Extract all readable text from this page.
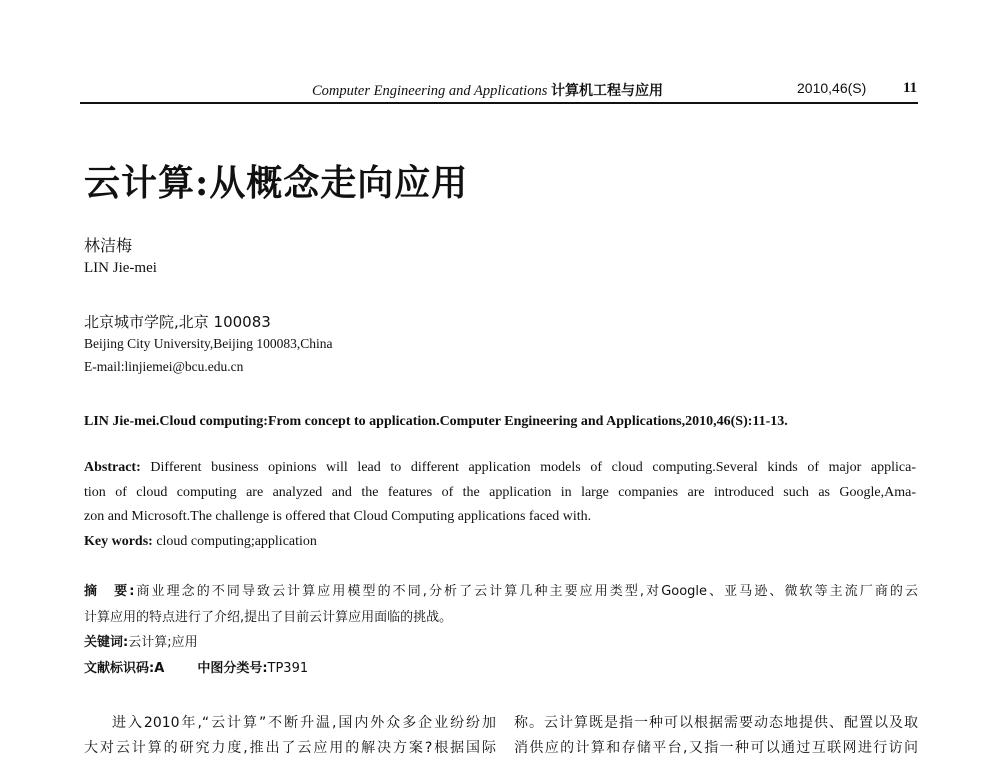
Computer Engineering and Applications 计算机工程与应用	2010,46(S) 11
云计算:从概念走向应用
林洁梅
LIN Jie-mei
北京城市学院,北京 100083
Beijing City University,Beijing 100083,China
E-mail:linjiemei@bcu.edu.cn
LIN Jie-mei.Cloud computing:From concept to application.Computer Engineering and Applications,2010,46(S):11-13.
Abstract: Different business opinions will lead to different application models of cloud computing.Several kinds of major applica-
tion of cloud computing are analyzed and the features of the application in large companies are introduced such as Google,Ama-
zon and Microsoft.The challenge is offered that Cloud Computing applications faced with.
Key words: cloud computing;application
摘　要:商业理念的不同导致云计算应用模型的不同,分析了云计算几种主要应用类型,对Google、亚马逊、微软等主流厂商的云
计算应用的特点进行了介绍,提出了目前云计算应用面临的挑战。
关键词:云计算;应用
文献标识码:A	中图分类号:TP391
进入2010年,“云计算”不断升温,国内外众多企业纷纷加
大对云计算的研究力度,推出了云应用的解决方案?根据国际
称。云计算既是指一种可以根据需要动态地提供、配置以及取
消供应的计算和存储平台,又指一种可以通过互联网进行访问
